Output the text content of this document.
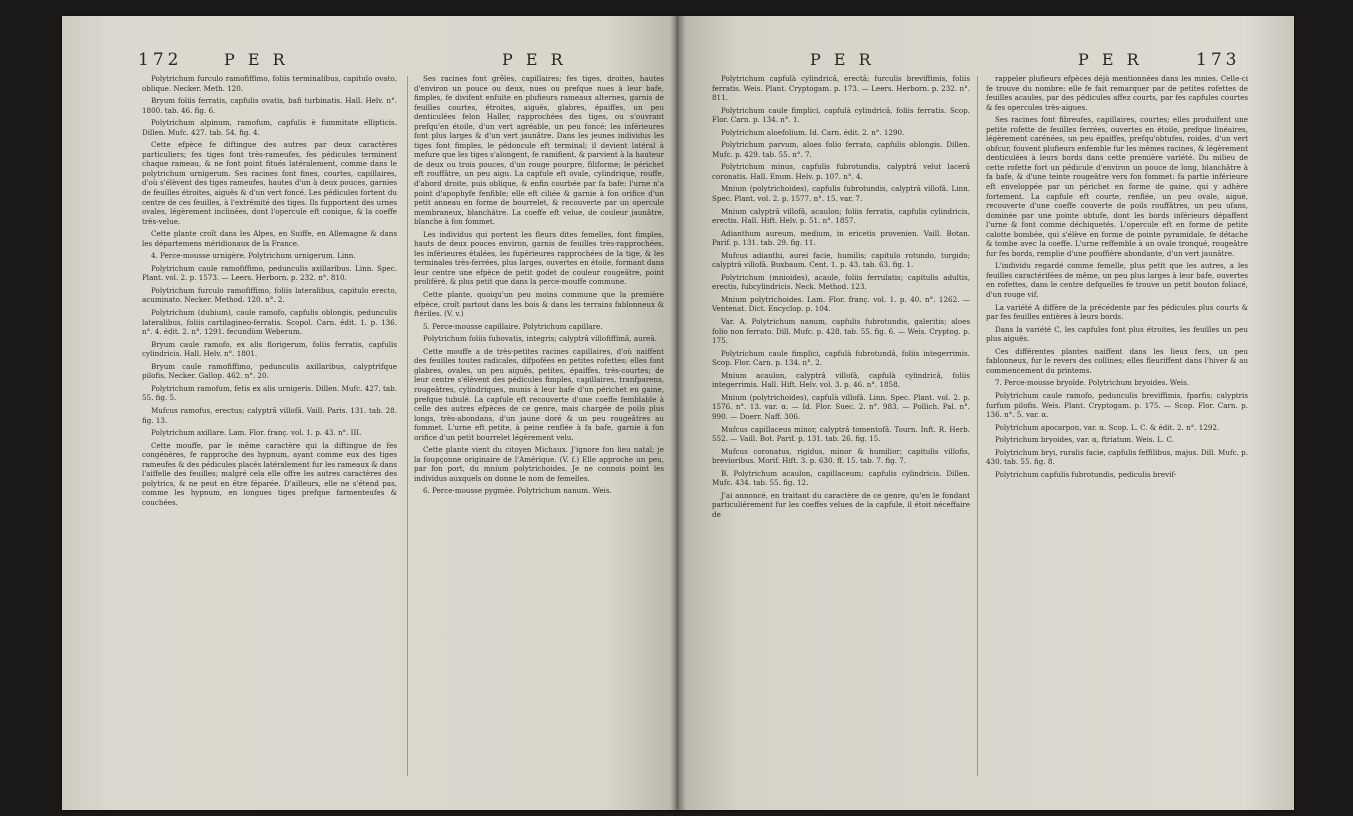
172	P E R	P E R

Polytrichum furculo ramofiffimo, foliis terminalibus, capitulo ovato, oblique. Necker. Meth. 120.

Bryum foliis ferratis, capfulis ovatis, bafi turbinatis. Hall. Helv. n°. 1800. tab. 46. fig. 6.

Polytrichum alpinum, ramofum, capfulis è fummitate ellipticis. Dillen. Mufc. 427. tab. 54. fig. 4.

Cette efpèce fe diftingue des autres par deux caractères particuliers; fes tiges font très-rameufes, fes pédicules terminent chaque rameau, & ne font point fitués latéralement, comme dans le polytrichum urnigerum. Ses racines font fines, courtes, capillaires, d'où s'élèvent des tiges rameufes, hautes d'un à deux pouces, garnies de feuilles étroites, aiguës & d'un vert foncé. Les pédicules fortent du centre de ces feuilles, à l'extrémité des tiges. Ils fupportent des urnes ovales, légèrement inclinées, dont l'opercule eft conique, & la coeffe très-velue.

Cette plante croît dans les Alpes, en Suiffe, en Allemagne & dans les départemens méridionaux de la France.

4. Perce-mousse urnigère. Polytrichum urnigerum. Linn.

Polytrichum caule ramofiffimo, pedunculis axillaribus. Linn. Spec. Plant. vol. 2. p. 1573. — Leers. Herborn. p. 232. n°. 810.

Polytrichum furculo ramofiffimo, foliis lateralibus, capitulo erecto, acuminato. Necker. Method. 120. n°. 2.

Polytrichum (dubium), caule ramofo, capfulis oblongis, pedunculis lateralibus, foliis cartilagineo-ferratis. Scopol. Carn. édit. 1. p. 136. n°. 4. édit. 2. n°. 1291. fecundùm Weberum.

Bryum caule ramofo, ex alis florigerum, foliis ferratis, capfulis cylindricis. Hall. Helv. n°. 1801.

Bryum caule ramofiffimo, pedunculis axillaribus, calyptrifque pilofis. Necker. Gallop. 462. n°. 20.

Polytrichum ramofum, fetis ex alis urnigeris. Dillen. Mufc. 427. tab. 55. fig. 5.

Mufcus ramofus, erectus; calyptrâ villofâ. Vaill. Paris. 131. tab. 28. fig. 13.

Polytrichum axillare. Lam. Flor. franç. vol. 1. p. 43. n°. III.

Cette mouffe, par le même caractère qui la diftingue de fes congénères, fe rapproche des hypnum, ayant comme eux des tiges rameufes & des pédicules placés latéralement fur les rameaux & dans l'aiffelle des feuilles; malgré cela elle offre les autres caractères des polytrics, & ne peut en être féparée. D'ailleurs, elle ne s'étend pas, comme les hypnum, en longues tiges prefque farmenteufes & couchées.

Ses racines font grêles, capillaires; fes tiges, droites, hautes d'environ un pouce ou deux, nues ou prefque nues à leur bafe, fimples, fe divifent enfuite en plufieurs rameaux alternes, garnis de feuilles courtes, étroites, aiguës, glabres, épaiffes, un peu denticulées felon Haller, rapprochées des tiges, ou s'ouvrant prefqu'en étoile, d'un vert agréable, un peu foncé; les inférieures font plus larges & d'un vert jaunâtre. Dans les jeunes individus les tiges font fimples, le pédoncule eft terminal; il devient latéral à mefure que les tiges s'alongent, fe ramifient, & parvient à la hauteur de deux ou trois pouces, d'un rouge pourpre, filiforme; le périchet eft rouffâtre, un peu aigu. La capfule eft ovale, cylindrique, rouffe, d'abord droite, puis oblique, & enfin courbée par fa bafe: l'urne n'a point d'apophyfe fenfible; elle eft ciliée & garnie à fon orifice d'un petit anneau en forme de bourrelet, & recouverte par un opercule membraneux, blanchâtre. La coeffe eft velue, de couleur jaunâtre, blanche à fon fommet.

Les individus qui portent les fleurs dites femelles, font fimples, hauts de deux pouces environ, garnis de feuilles très-rapprochées, les inférieures étalées, les fupérieures rapprochées de la tige, & les terminales très-ferrées, plus larges, ouvertes en étoile, formant dans leur centre une efpèce de petit godet de couleur rougeâtre, point proliféré, & plus petit que dans la perce-mouffe commune.

Cette plante, quoiqu'un peu moins commune que la première efpèce, croît partout dans les bois & dans les terrains fablonneux & ftériles. (V. v.)

5. Perce-mousse capillaire. Polytrichum capillare.

Polytrichum foliis fubovatis, integris; calyptrâ villofiffimâ, aureâ.

Cette mouffe a de très-petites racines capillaires, d'où naiffent des feuilles toutes radicales, difpofées en petites rofettes; elles font glabres, ovales, un peu aiguës, petites, épaiffes, très-courtes; de leur centre s'élèvent des pédicules fimples, capillaires, tranfparens, rougeâtres, cylindriques, munis à leur bafe d'un périchet en gaine, prefque tubulé. La capfule eft recouverte d'une coeffe femblable à celle des autres efpèces de ce genre, mais chargée de poils plus longs, très-abondans, d'un jaune doré & un peu rougeâtres au fommet. L'urne eft petite, à peine renflée à fa bafe, garnie à fon orifice d'un petit bourrelet légèrement velu.

Cette plante vient du citoyen Michaux. J'ignore fon lieu natal; je la foupçonne originaire de l'Amérique. (V. f.) Elle approche un peu, par fon port, du mnium polytrichoides. Je ne connois point les individus auxquels on donne le nom de femelles.

6. Perce-mousse pygmée. Polytrichum nanum. Weis.

P E R	P E R	173

Polytrichum capfulà cylindricâ, erectâ; furculis breviffimis, foliis ferratis. Weis. Plant. Cryptogam. p. 173. — Leers. Herborn. p. 232. n°. 811.

Polytrichum caule fimplici, capfulà cylindricâ, foliis ferratis. Scop. Flor. Carn. p. 134. n°. 1.

Polytrichum aloefolium. Id. Carn. édit. 2. n°. 1290.

Polytrichum parvum, aloes folio ferrato, capfulis oblongis. Dillen. Mufc. p. 429. tab. 55. n°. 7.

Polytrichum minus, capfulis fubrotundis, calyptrâ velut lacerâ coronatis. Hall. Enum. Helv. p. 107. n°. 4.

Mnium (polytrichoides), capfulis fubrotundis, calyptrâ villofâ. Linn. Spec. Plant. vol. 2. p. 1577. n°. 15. var. 7.

Mnium calyptrâ villofâ, acaulon; foliis ferratis, capfulis cylindricis, erectis. Hall. Hift. Helv. p. 51. n°. 1857.

Adianthum aureum, medium, in ericetis provenien. Vaill. Botan. Parif. p. 131. tab. 29. fig. 11.

Mufcus adianthi, aurei facie, humilis; capitulo rotundo, turgido; calyptrâ villofâ. Buxbaum. Cent. 1. p. 43. tab. 63. fig. 1.

Polytrichum (mnioides), acaule, foliis ferrulatis; capitulis adultis, erectis, fubcylindricis. Neck. Method. 123.

Mnium polytrichoides. Lam. Flor. franç. vol. 1. p. 40. n°. 1262. — Ventenat. Dict. Encyclop. p. 104.

Var. A. Polytrichum nanum, capfulis fubrotundis, galeritis; aloes folio non ferrato. Dill. Mufc. p. 428. tab. 55. fig. 6. — Weis. Cryptog. p. 175.

Polytrichum caule fimplici, capfulà fubrotundâ, foliis integerrimis. Scop. Flor. Carn. p. 134. n°. 2.

Mnium acaulon, calyptrâ villofâ, capfulà cylindricâ, foliis integerrimis. Hall. Hift. Helv. vol. 3. p. 46. n°. 1858.

Mnium (polytrichoides), capfulà villofâ. Linn. Spec. Plant. vol. 2. p. 1576. n°. 13. var. α. — Id. Flor. Suec. 2. n°. 983. — Pollich. Pal. n°. 990. — Doerr. Naff. 306.

Mufcus capillaceus minor, calyptrâ tomentofâ. Tourn. Inft. R. Herb. 552. — Vaill. Bot. Parif. p. 131. tab. 26. fig. 15.

Mufcus coronatus, rigidus, minor & humilior; capitulis villofis, brevioribus. Morif. Hift. 3. p. 630. ff. 15. tab. 7. fig. 7.

B. Polytrichum acaulon, capillaceum; capfulis cylindricis. Dillen. Mufc. 434. tab. 55. fig. 12.

J'ai annoncé, en traitant du caractère de ce genre, qu'en le fondant particuliérement fur les coeffes velues de la capfule, il étoit néceffaire de

rappeler plufieurs efpèces déjà mentionnées dans les mnies. Celle-ci fe trouve du nombre: elle fe fait remarquer par de petites rofettes de feuilles acaules, par des pédicules affez courts, par fes capfules courtes & fes opercules très-aigues.

Ses racines font fibreufes, capillaires, courtes; elles produifent une petite rofette de feuilles ferrées, ouvertes en étoile, prefque linéaires, légèrement carénées, un peu épaiffes, prefqu'obtufes, roides, d'un vert obfcur, fouvent plufieurs enfemble fur les mêmes racines, & légèrement denticulées à leurs bords dans cette première variété. Du milieu de cette rofette fort un pédicule d'environ un pouce de long, blanchâtre à fa bafe, & d'une teinte rougeâtre vers fon fommet: fa partie inférieure eft enveloppée par un périchet en forme de gaine, qui y adhère fortement. La capfule eft courte, renflée, un peu ovale, aiguë, recouverte d'une coeffe couverte de poils rouffâtres, un peu ufans, dominée par une pointe obtufe, dont les bords inférieurs dépaffent l'urne & font comme déchiquetés. L'opercule eft en forme de petite calotte bombée, qui s'élève en forme de pointe pyramidale, fe détache & tombe avec la coeffe. L'urne reffemble à un ovale tronqué, rougeâtre fur fes bords, remplie d'une pouffière abondante, d'un vert jaunâtre.

L'individu regardé comme femelle, plus petit que les autres, a les feuilles caractérifées de même, un peu plus larges à leur bafe, ouvertes en rofettes, dans le centre defquelles fe trouve un petit bouton foliacé, d'un rouge vif.

La variété A diffère de la précédente par fes pédicules plus courts & par fes feuilles entières à leurs bords.

Dans la variété C, les capfules font plus étroites, les feuilles un peu plus aiguës.

Ces différentes plantes naiffent dans les lieux fecs, un peu fablonneux, fur le revers des collines; elles fleuriffent dans l'hiver & au commencement du printems.

7. Perce-mousse bryoïde. Polytrichum bryoides. Weis.

Polytrichum caule ramofo, pedunculis breviffimis, fparfis; calyptris furfum pilofis. Weis. Plant. Cryptogam. p. 175. — Scop. Flor. Carn. p. 136. n°. 5. var. α.

Polytrichum apocarpon, var. α. Scop. L. C. & édit. 2. n°. 1292.

Polytrichum bryoides, var. α, ftriatum. Weis. L. C.

Polytrichum bryi, ruralis facie, capfulis feffilibus, majus. Dill. Mufc. p. 430. tab. 55. fig. 8.

Polytrichum capfulis fubrotundis, pediculis brevif-
